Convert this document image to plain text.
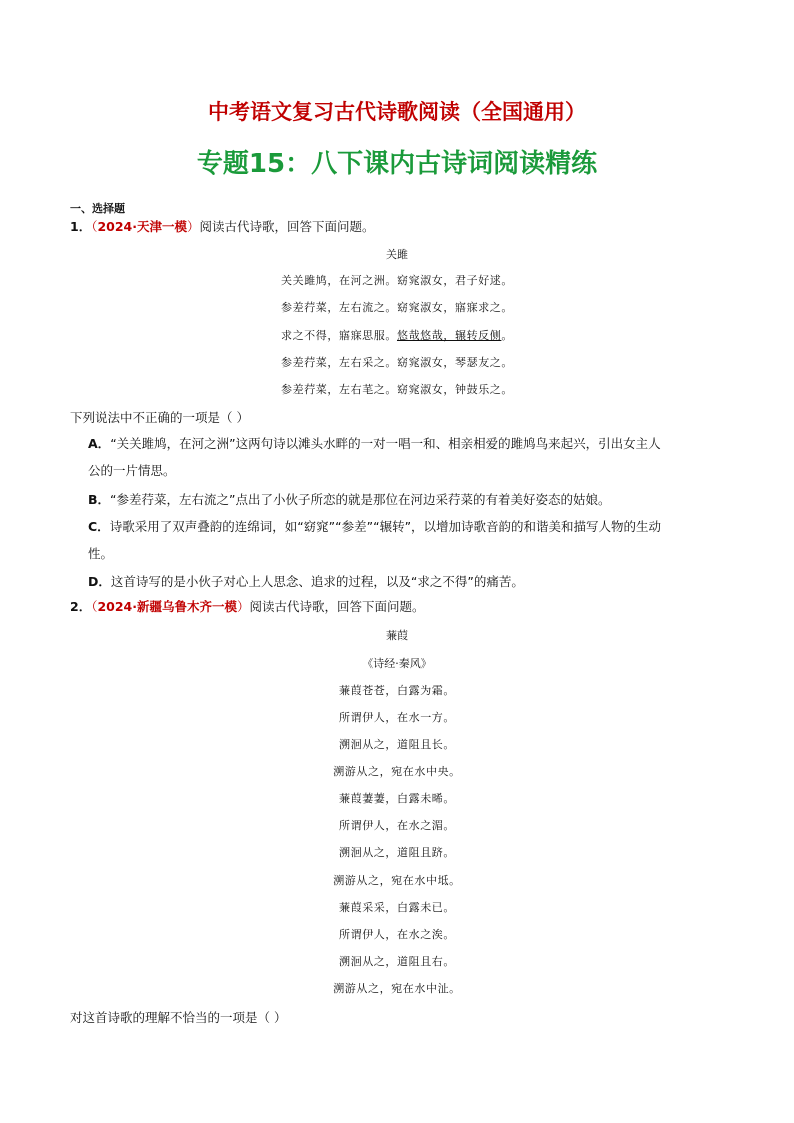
中考语文复习古代诗歌阅读（全国通用）
专题15：八下课内古诗词阅读精练
一、选择题
1．（2024·天津一模）阅读古代诗歌，回答下面问题。
关雎
关关雎鸠，在河之洲。窈窕淑女，君子好逑。
参差荇菜，左右流之。窈窕淑女，寤寐求之。
求之不得，寤寐思服。悠哉悠哉，辗转反侧。
参差荇菜，左右采之。窈窕淑女，琴瑟友之。
参差荇菜，左右芼之。窈窕淑女，钟鼓乐之。
下列说法中不正确的一项是（ ）
A．“关关雎鸠，在河之洲”这两句诗以滩头水畔的一对一唱一和、相亲相爱的雎鸠鸟来起兴，引出女主人
公的一片情思。
B．“参差荇菜，左右流之”点出了小伙子所恋的就是那位在河边采荇菜的有着美好姿态的姑娘。
C．诗歌采用了双声叠韵的连绵词，如“窈窕”“参差”“辗转”，以增加诗歌音韵的和谐美和描写人物的生动
性。
D．这首诗写的是小伙子对心上人思念、追求的过程，以及“求之不得”的痛苦。
2．（2024·新疆乌鲁木齐一模）阅读古代诗歌，回答下面问题。
蒹葭
《诗经·秦风》
蒹葭苍苍，白露为霜。
所谓伊人，在水一方。
溯洄从之，道阻且长。
溯游从之，宛在水中央。
蒹葭萋萋，白露未晞。
所谓伊人，在水之湄。
溯洄从之，道阻且跻。
溯游从之，宛在水中坻。
蒹葭采采，白露未已。
所谓伊人，在水之涘。
溯洄从之，道阻且右。
溯游从之，宛在水中沚。
对这首诗歌的理解不恰当的一项是（ ）
